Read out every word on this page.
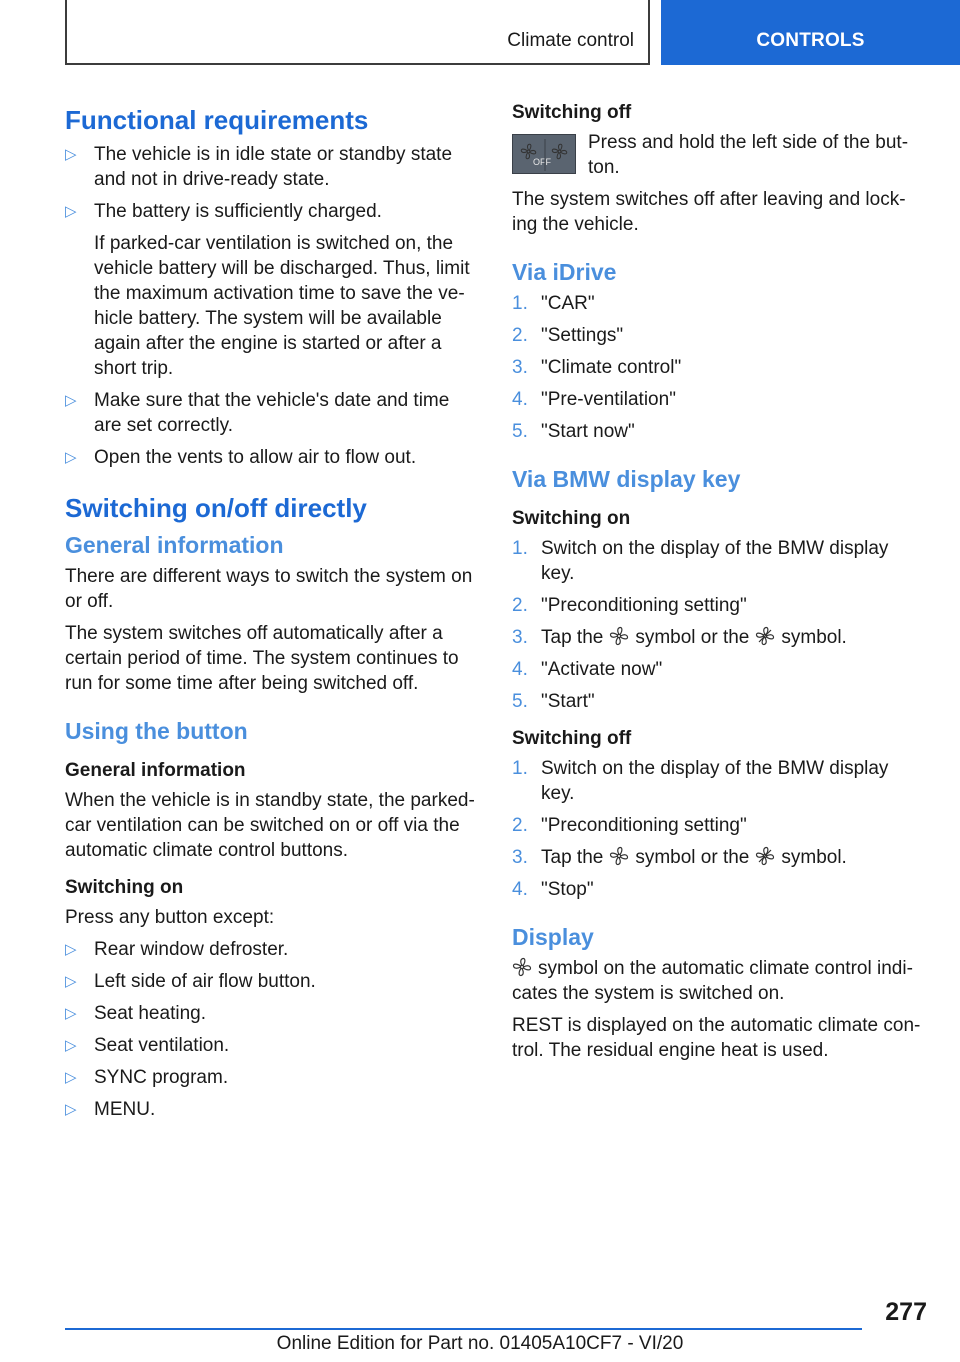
Climate control	CONTROLS
Functional requirements
▷ The vehicle is in idle state or standby state and not in drive-ready state.
▷ The battery is sufficiently charged.

If parked-car ventilation is switched on, the vehicle battery will be discharged. Thus, limit the maximum activation time to save the vehicle battery. The system will be available again after the engine is started or after a short trip.

▷ Make sure that the vehicle's date and time are set correctly.
▷ Open the vents to allow air to flow out.
Switching on/off directly
General information

There are different ways to switch the system on or off.

The system switches off automatically after a certain period of time. The system continues to run for some time after being switched off.

Using the button
General information

When the vehicle is in standby state, the parked-car ventilation can be switched on or off via the automatic climate control buttons.

Switching on

Press any button except:

▷ Rear window defroster.
▷ Left side of air flow button.
▷ Seat heating.
▷ Seat ventilation.
▷ SYNC program.
▷ MENU.
Switching off
OFF

Press and hold the left side of the button.

The system switches off after leaving and locking the vehicle.

Via iDrive
1. "CAR"
2. "Settings"
3. "Climate control"
4. "Pre-ventilation"
5. "Start now"
Via BMW display key
Switching on
1. Switch on the display of the BMW display key.
2. "Preconditioning setting"
3. Tap the symbol or the symbol.
4. "Activate now"
5. "Start"
Switching off
1. Switch on the display of the BMW display key.
2. "Preconditioning setting"
3. Tap the symbol or the symbol.
4. "Stop"
Display

symbol on the automatic climate control indicates the system is switched on.

REST is displayed on the automatic climate control. The residual engine heat is used.

277
Online Edition for Part no. 01405A10CF7 - VI/20
